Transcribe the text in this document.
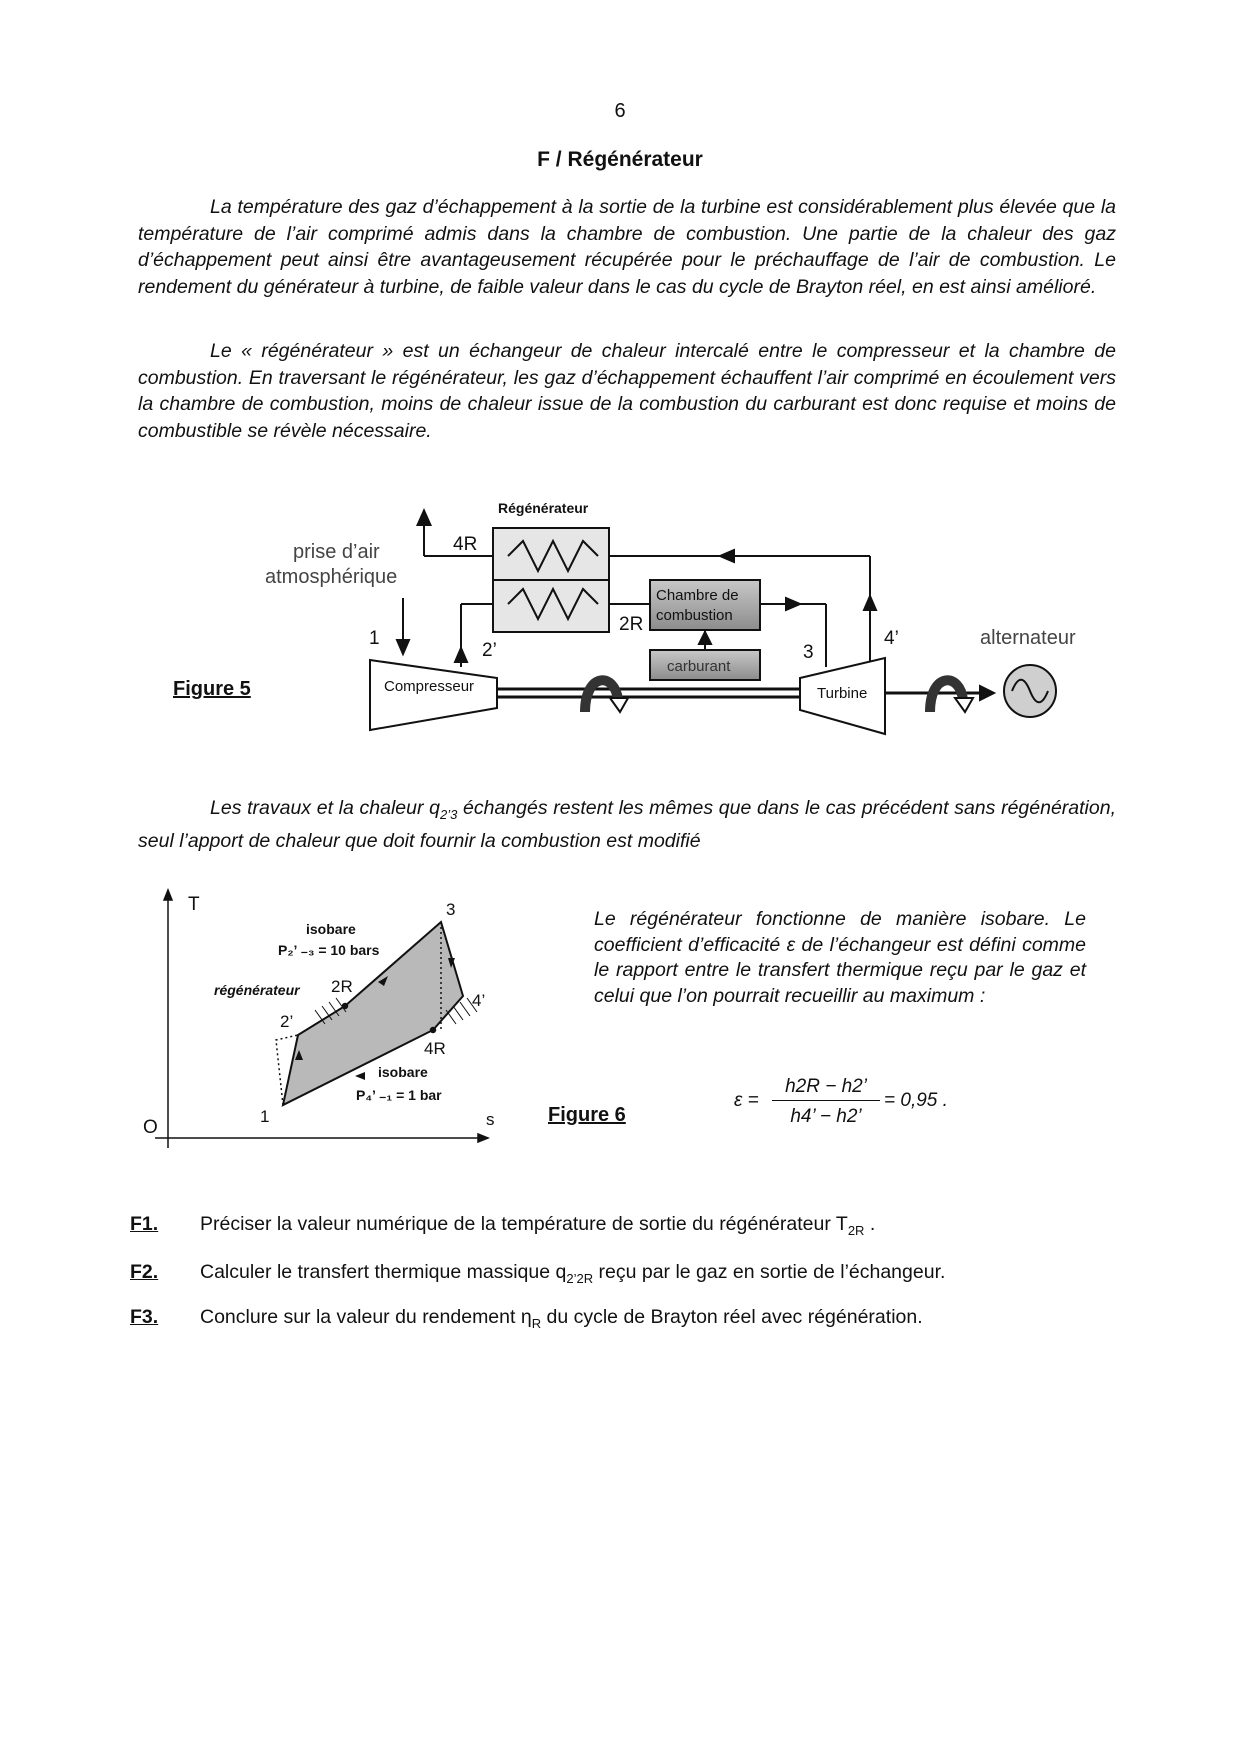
6
F / Régénérateur

La température des gaz d’échappement à la sortie de la turbine est considérablement plus élevée que la température de l’air comprimé admis dans la chambre de combustion. Une partie de la chaleur des gaz d’échappement peut ainsi être avantageusement récupérée pour le préchauffage de l’air de combustion. Le rendement du générateur à turbine, de faible valeur dans le cas du cycle de Brayton réel, en est ainsi amélioré.

Le « régénérateur » est un échangeur de chaleur intercalé entre le compresseur et la chambre de combustion. En traversant le régénérateur, les gaz d’échappement échauffent l’air comprimé en écoulement vers la chambre de combustion, moins de chaleur issue de la combustion du carburant est donc requise et moins de combustible se révèle nécessaire.

Régénérateur
4R
2R
1
2’	3
4’
Chambre de
combustion
carburant
Compresseur	Turbine
alternateur
prise d’air
atmosphérique
Figure 5

Les travaux et la chaleur $q_{2’3}$ échangés restent les mêmes que dans le cas précédent sans régénération, seul l’apport de chaleur que doit fournir la combustion est modifié

T
s
O
isobare
P₂’ ₋₃ = 10 bars
régénérateur
isobare
P₄’ ₋₁ = 1 bar
1
2’
2R
3
4’
4R

Le régénérateur fonctionne de manière isobare. Le coefficient d’efficacité ε de l’échangeur est défini comme le rapport entre le transfert thermique reçu par le gaz et celui que l’on pourrait recueillir au maximum :

ε =
h2R − h2’
h4’ − h2’
= 0,95 .
Figure 6
F1. Préciser la valeur numérique de la température de sortie du régénérateur $T_{2R}$ .
F2. Calculer le transfert thermique massique $q_{2’2R}$ reçu par le gaz en sortie de l’échangeur.
F3. Conclure sur la valeur du rendement $\eta_R$ du cycle de Brayton réel avec régénération.
